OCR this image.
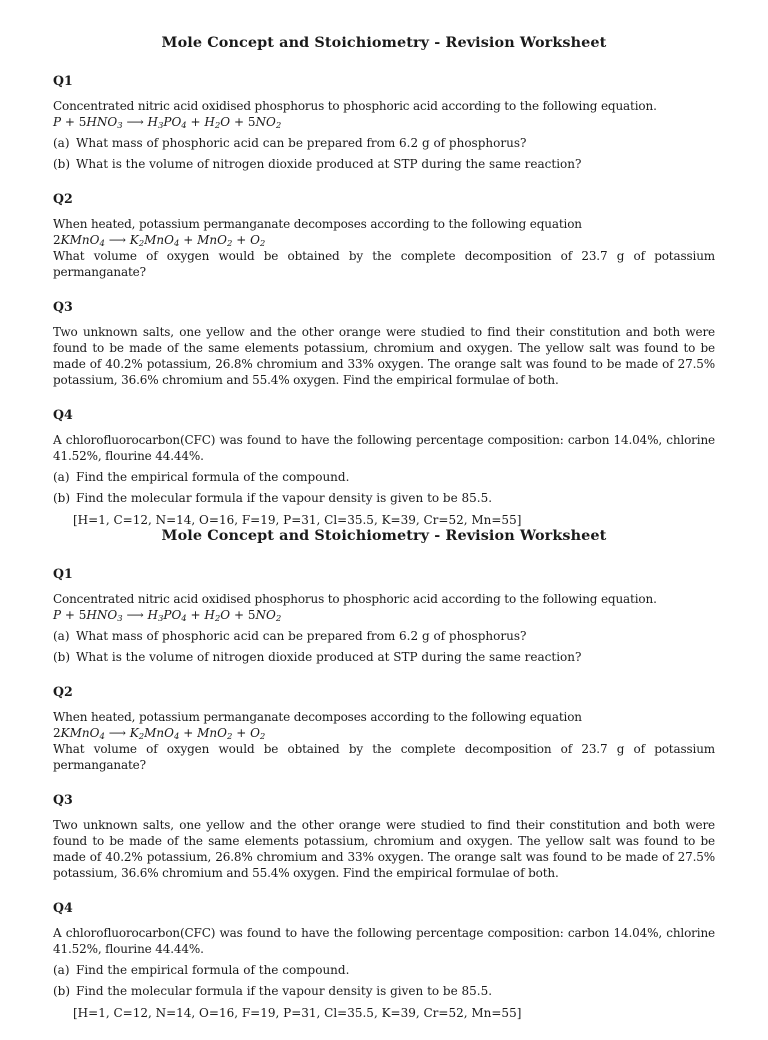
Mole Concept and Stoichiometry - Revision Worksheet
Q1

Concentrated nitric acid oxidised phosphorus to phosphoric acid according to the following equation.

$P + 5HNO_3$ ⟶ $H_3PO_4 + H_2O + 5NO_2$

(a) What mass of phosphoric acid can be prepared from 6.2 g of phosphorus?

(b) What is the volume of nitrogen dioxide produced at STP during the same reaction?

Q2

When heated, potassium permanganate decomposes according to the following equation

2KMnO$_4$ ⟶ $K_2MnO_4 + MnO_2 + O_2$

What volume of oxygen would be obtained by the complete decomposition of 23.7 g of potassium permanganate?

Q3

Two unknown salts, one yellow and the other orange were studied to find their constitution and both were found to be made of the same elements potassium, chromium and oxygen. The yellow salt was found to be made of 40.2% potassium, 26.8% chromium and 33% oxygen. The orange salt was found to be made of 27.5% potassium, 36.6% chromium and 55.4% oxygen. Find the empirical formulae of both.

Q4

A chlorofluorocarbon(CFC) was found to have the following percentage composition: carbon 14.04%, chlorine 41.52%, flourine 44.44%.

(a) Find the empirical formula of the compound.

(b) Find the molecular formula if the vapour density is given to be 85.5.

[H=1, C=12, N=14, O=16, F=19, P=31, Cl=35.5, K=39, Cr=52, Mn=55]

Mole Concept and Stoichiometry - Revision Worksheet
Q1

Concentrated nitric acid oxidised phosphorus to phosphoric acid according to the following equation.

$P + 5HNO_3$ ⟶ $H_3PO_4 + H_2O + 5NO_2$

(a) What mass of phosphoric acid can be prepared from 6.2 g of phosphorus?

(b) What is the volume of nitrogen dioxide produced at STP during the same reaction?

Q2

When heated, potassium permanganate decomposes according to the following equation

2KMnO$_4$ ⟶ $K_2MnO_4 + MnO_2 + O_2$

What volume of oxygen would be obtained by the complete decomposition of 23.7 g of potassium permanganate?

Q3

Two unknown salts, one yellow and the other orange were studied to find their constitution and both were found to be made of the same elements potassium, chromium and oxygen. The yellow salt was found to be made of 40.2% potassium, 26.8% chromium and 33% oxygen. The orange salt was found to be made of 27.5% potassium, 36.6% chromium and 55.4% oxygen. Find the empirical formulae of both.

Q4

A chlorofluorocarbon(CFC) was found to have the following percentage composition: carbon 14.04%, chlorine 41.52%, flourine 44.44%.

(a) Find the empirical formula of the compound.

(b) Find the molecular formula if the vapour density is given to be 85.5.

[H=1, C=12, N=14, O=16, F=19, P=31, Cl=35.5, K=39, Cr=52, Mn=55]
